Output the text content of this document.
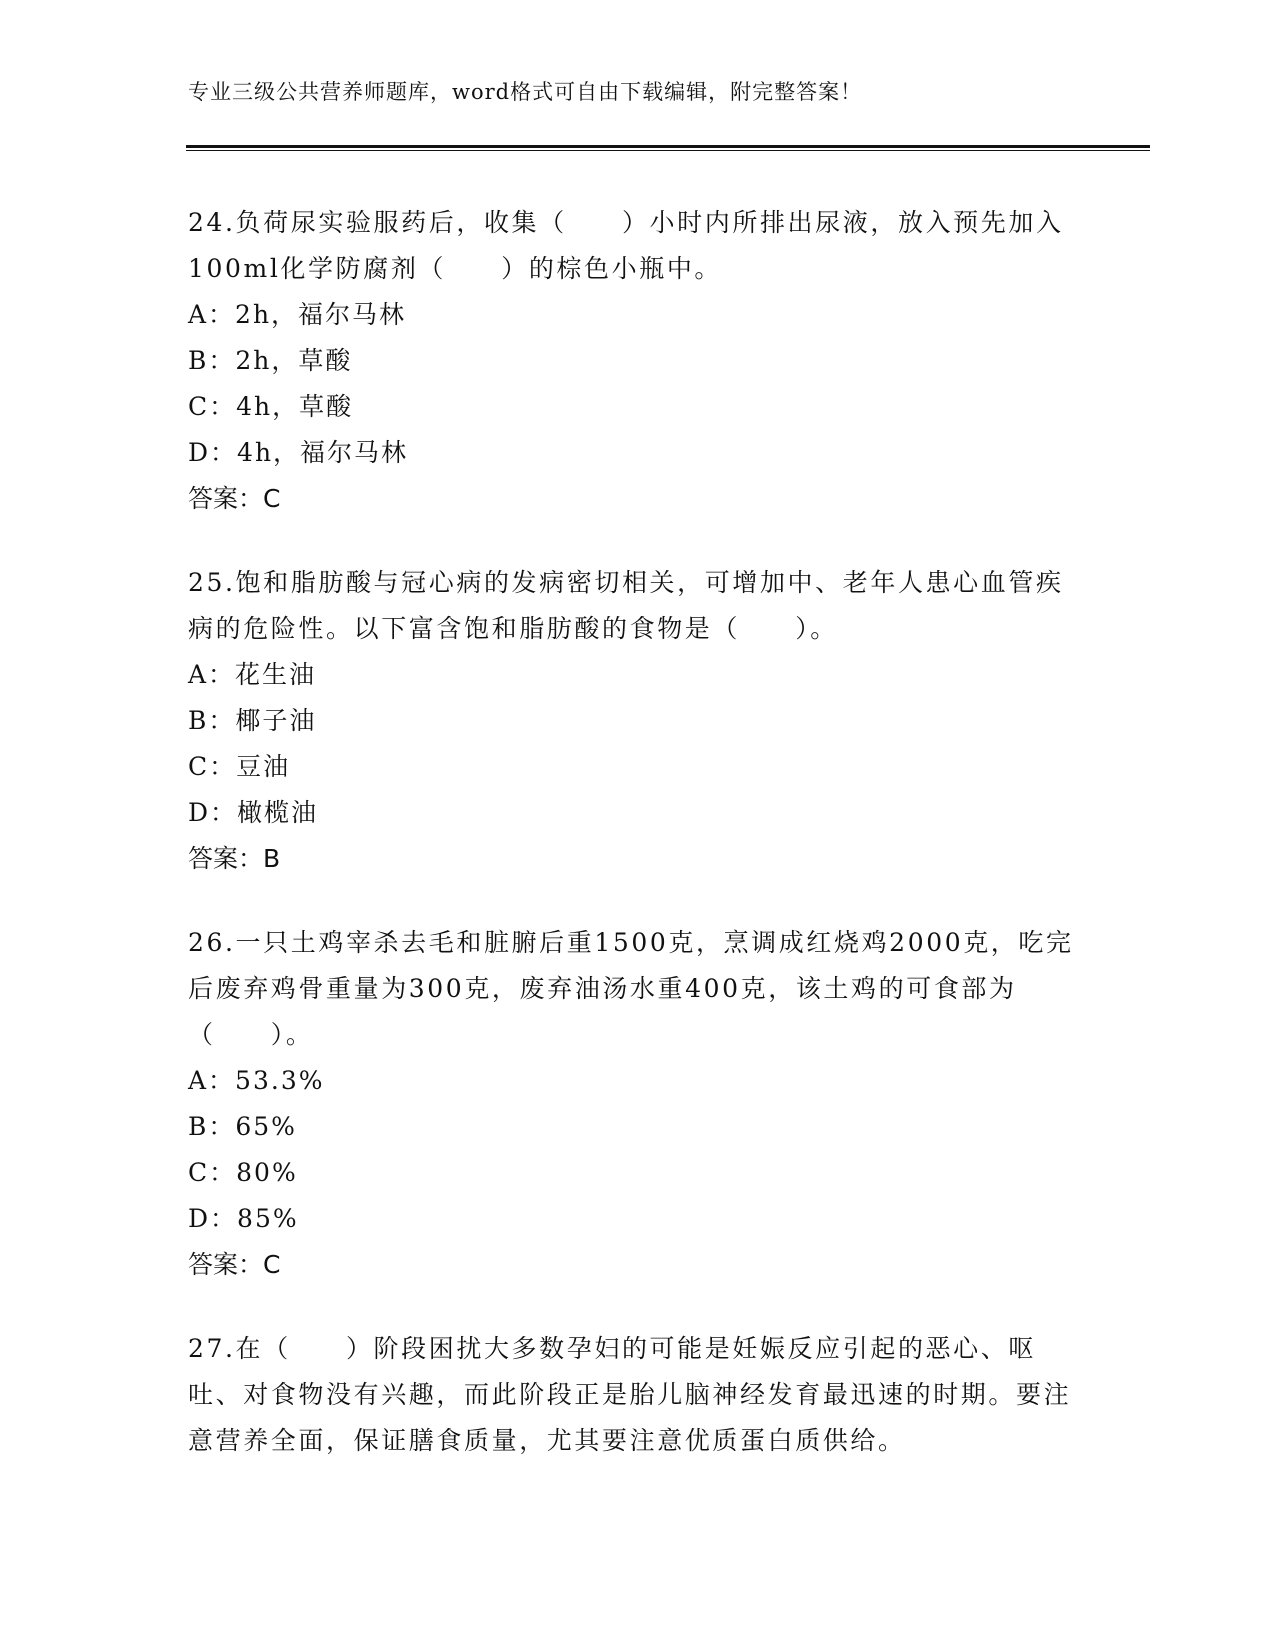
专业三级公共营养师题库，word格式可自由下载编辑，附完整答案！

24.负荷尿实验服药后，收集（　　）小时内所排出尿液，放入预先加入100ml化学防腐剂（　　）的棕色小瓶中。

A：2h，福尔马林

B：2h，草酸

C：4h，草酸

D：4h，福尔马林

答案：C

25.饱和脂肪酸与冠心病的发病密切相关，可增加中、老年人患心血管疾病的危险性。以下富含饱和脂肪酸的食物是（　　）。

A：花生油

B：椰子油

C：豆油

D：橄榄油

答案：B

26.一只土鸡宰杀去毛和脏腑后重1500克，烹调成红烧鸡2000克，吃完后废弃鸡骨重量为300克，废弃油汤水重400克，该土鸡的可食部为（　　）。

A：53.3%

B：65%

C：80%

D：85%

答案：C

27.在（　　）阶段困扰大多数孕妇的可能是妊娠反应引起的恶心、呕吐、对食物没有兴趣，而此阶段正是胎儿脑神经发育最迅速的时期。要注意营养全面，保证膳食质量，尤其要注意优质蛋白质供给。
